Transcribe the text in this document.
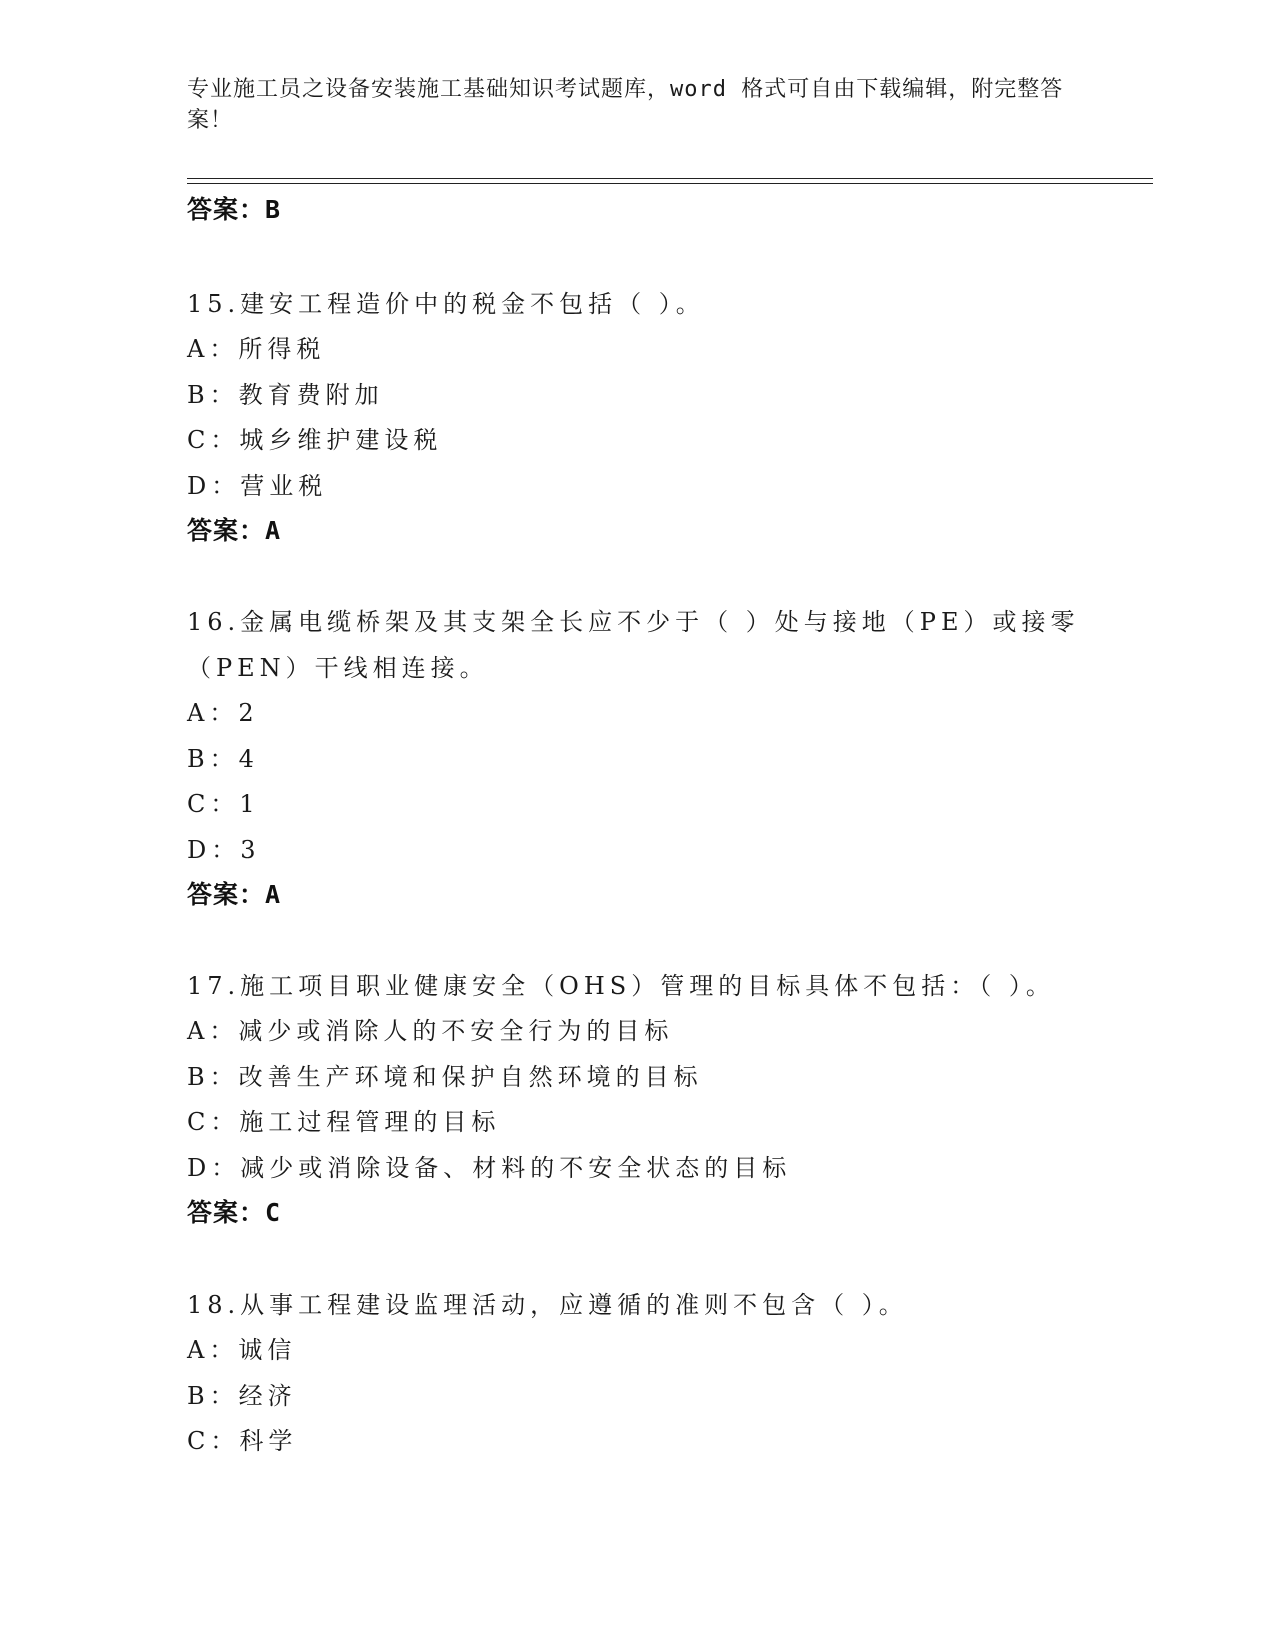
专业施工员之设备安装施工基础知识考试题库，word 格式可自由下载编辑，附完整答案！
答案：B
15.建安工程造价中的税金不包括（ ）。
A：所得税
B：教育费附加
C：城乡维护建设税
D：营业税
答案：A
16.金属电缆桥架及其支架全长应不少于（ ）处与接地（PE）或接零
（PEN）干线相连接。
A：2
B：4
C：1
D：3
答案：A
17.施工项目职业健康安全（OHS）管理的目标具体不包括：（ ）。
A：减少或消除人的不安全行为的目标
B：改善生产环境和保护自然环境的目标
C：施工过程管理的目标
D：减少或消除设备、材料的不安全状态的目标
答案：C
18.从事工程建设监理活动，应遵循的准则不包含（ ）。
A：诚信
B：经济
C：科学
